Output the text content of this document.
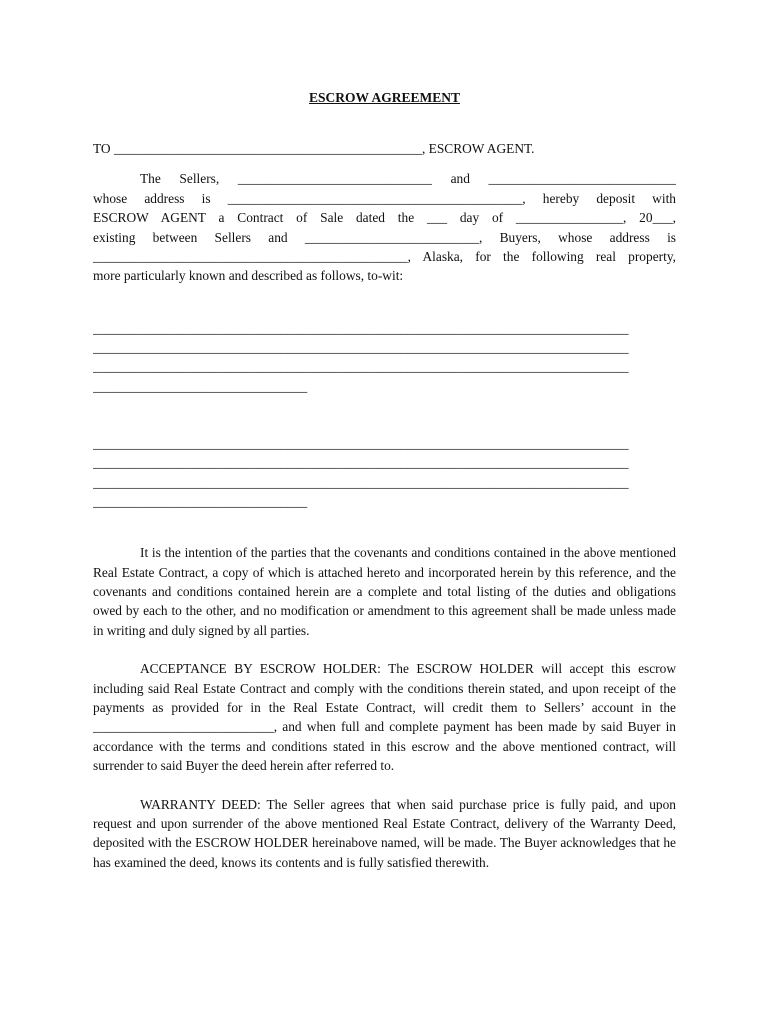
ESCROW AGREEMENT

TO ______________________________________________, ESCROW AGENT.

The Sellers, _____________________________ and ____________________________
whose address is ____________________________________________, hereby deposit with
ESCROW AGENT a Contract of Sale dated the ___ day of ________________, 20___,
existing between Sellers and __________________________, Buyers, whose address is
_______________________________________________, Alaska, for the following real property,
more particularly known and described as follows, to-wit:
________________________________________________________________________________
________________________________________________________________________________
________________________________________________________________________________
________________________________
________________________________________________________________________________
________________________________________________________________________________
________________________________________________________________________________
________________________________

It is the intention of the parties that the covenants and conditions contained in the above mentioned Real Estate Contract, a copy of which is attached hereto and incorporated herein by this reference, and the covenants and conditions contained herein are a complete and total listing of the duties and obligations owed by each to the other, and no modification or amendment to this agreement shall be made unless made in writing and duly signed by all parties.

ACCEPTANCE BY ESCROW HOLDER: The ESCROW HOLDER will accept this escrow including said Real Estate Contract and comply with the conditions therein stated, and upon receipt of the payments as provided for in the Real Estate Contract, will credit them to Sellers’ account in the ___________________________, and when full and complete payment has been made by said Buyer in accordance with the terms and conditions stated in this escrow and the above mentioned contract, will surrender to said Buyer the deed herein after referred to.

WARRANTY DEED: The Seller agrees that when said purchase price is fully paid, and upon request and upon surrender of the above mentioned Real Estate Contract, delivery of the Warranty Deed, deposited with the ESCROW HOLDER hereinabove named, will be made. The Buyer acknowledges that he has examined the deed, knows its contents and is fully satisfied therewith.
